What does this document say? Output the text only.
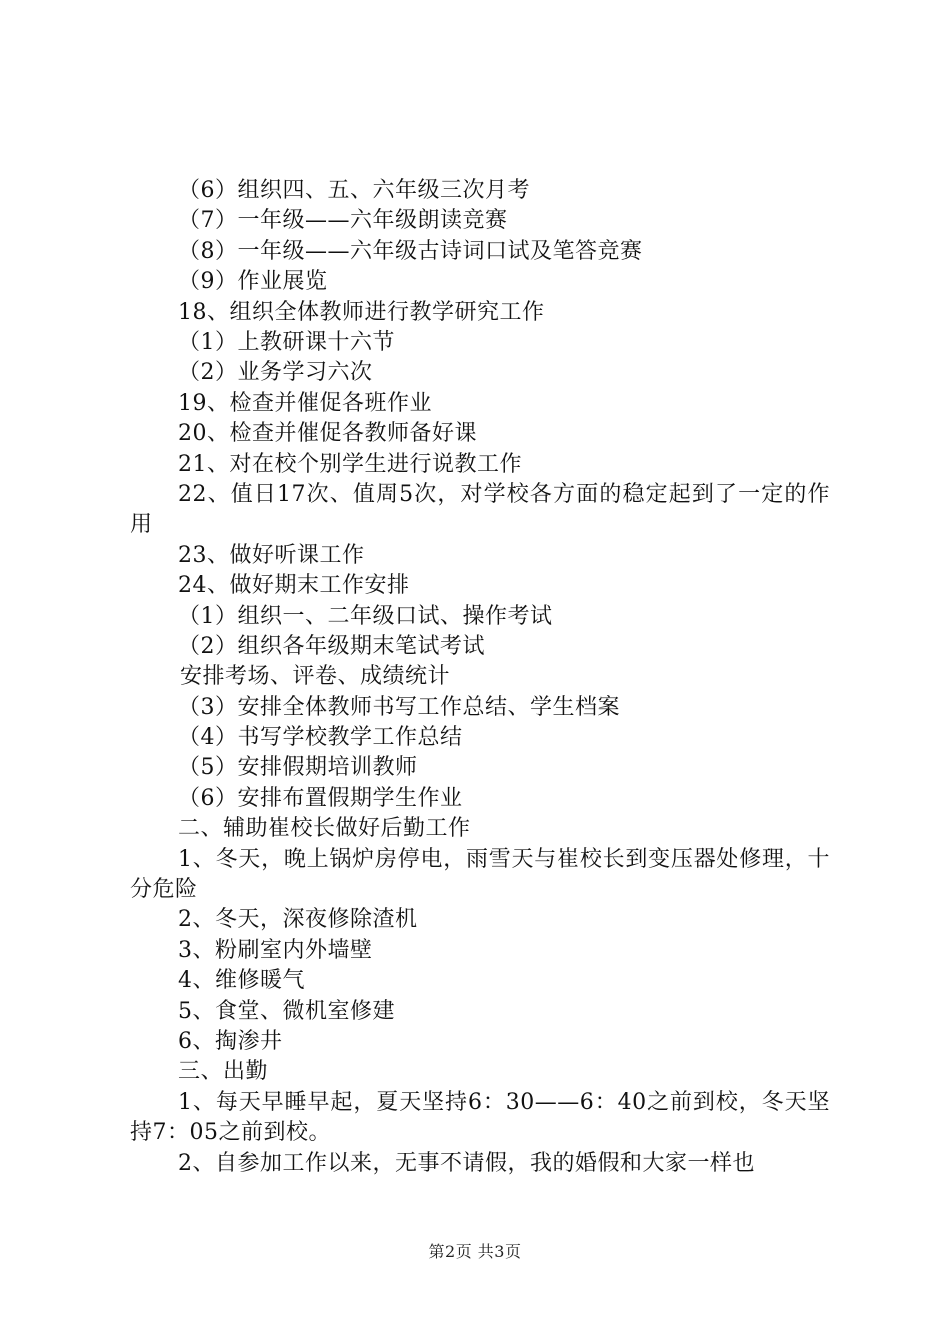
（6）组织四、五、六年级三次月考
（7）一年级——六年级朗读竞赛
（8）一年级——六年级古诗词口试及笔答竞赛
（9）作业展览
18、组织全体教师进行教学研究工作
（1）上教研课十六节
（2）业务学习六次
19、检查并催促各班作业
20、检查并催促各教师备好课
21、对在校个别学生进行说教工作
22、值日17次、值周5次，对学校各方面的稳定起到了一定的作用
23、做好听课工作
24、做好期末工作安排
（1）组织一、二年级口试、操作考试
（2）组织各年级期末笔试考试
安排考场、评卷、成绩统计
（3）安排全体教师书写工作总结、学生档案
（4）书写学校教学工作总结
（5）安排假期培训教师
（6）安排布置假期学生作业
二、辅助崔校长做好后勤工作
1、冬天，晚上锅炉房停电，雨雪天与崔校长到变压器处修理，十分危险
2、冬天，深夜修除渣机
3、粉刷室内外墙壁
4、维修暖气
5、食堂、微机室修建
6、掏渗井
三、出勤
1、每天早睡早起，夏天坚持6：30——6：40之前到校，冬天坚持7：05之前到校。
2、自参加工作以来，无事不请假，我的婚假和大家一样也
第2页 共3页
